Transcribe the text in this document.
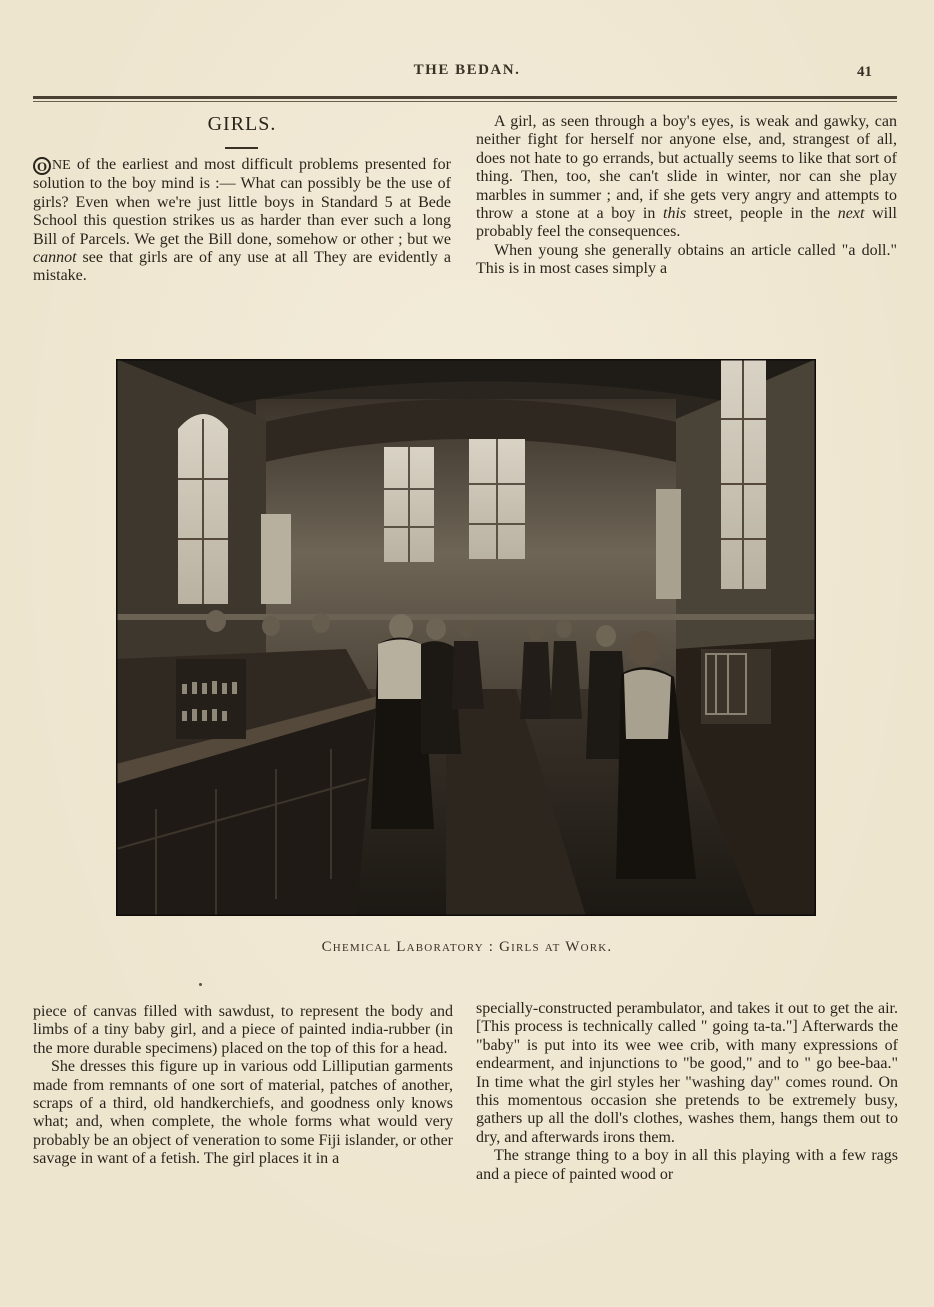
THE BEDAN.	41
GIRLS.

O NE of the earliest and most difficult problems presented for solution to the boy mind is :— What can possibly be the use of girls? Even when we're just little boys in Standard 5 at Bede School this question strikes us as harder than ever such a long Bill of Parcels. We get the Bill done, somehow or other ; but we cannot see that girls are of any use at all They are evidently a mistake.

A girl, as seen through a boy's eyes, is weak and gawky, can neither fight for herself nor anyone else, and, strangest of all, does not hate to go errands, but actually seems to like that sort of thing. Then, too, she can't slide in winter, nor can she play marbles in summer ; and, if she gets very angry and attempts to throw a stone at a boy in this street, people in the next will probably feel the consequences.

When young she generally obtains an article called "a doll." This is in most cases simply a

Chemical Laboratory : Girls at Work.

piece of canvas filled with sawdust, to represent the body and limbs of a tiny baby girl, and a piece of painted india-rubber (in the more durable specimens) placed on the top of this for a head.

She dresses this figure up in various odd Lilliputian garments made from remnants of one sort of material, patches of another, scraps of a third, old handkerchiefs, and goodness only knows what; and, when complete, the whole forms what would very probably be an object of veneration to some Fiji islander, or other savage in want of a fetish. The girl places it in a

specially-constructed perambulator, and takes it out to get the air. [This process is technically called " going ta-ta."] Afterwards the "baby" is put into its wee wee crib, with many expressions of endearment, and injunctions to "be good," and to " go bee-baa." In time what the girl styles her "washing day" comes round. On this momentous occasion she pretends to be extremely busy, gathers up all the doll's clothes, washes them, hangs them out to dry, and afterwards irons them.

The strange thing to a boy in all this playing with a few rags and a piece of painted wood or
